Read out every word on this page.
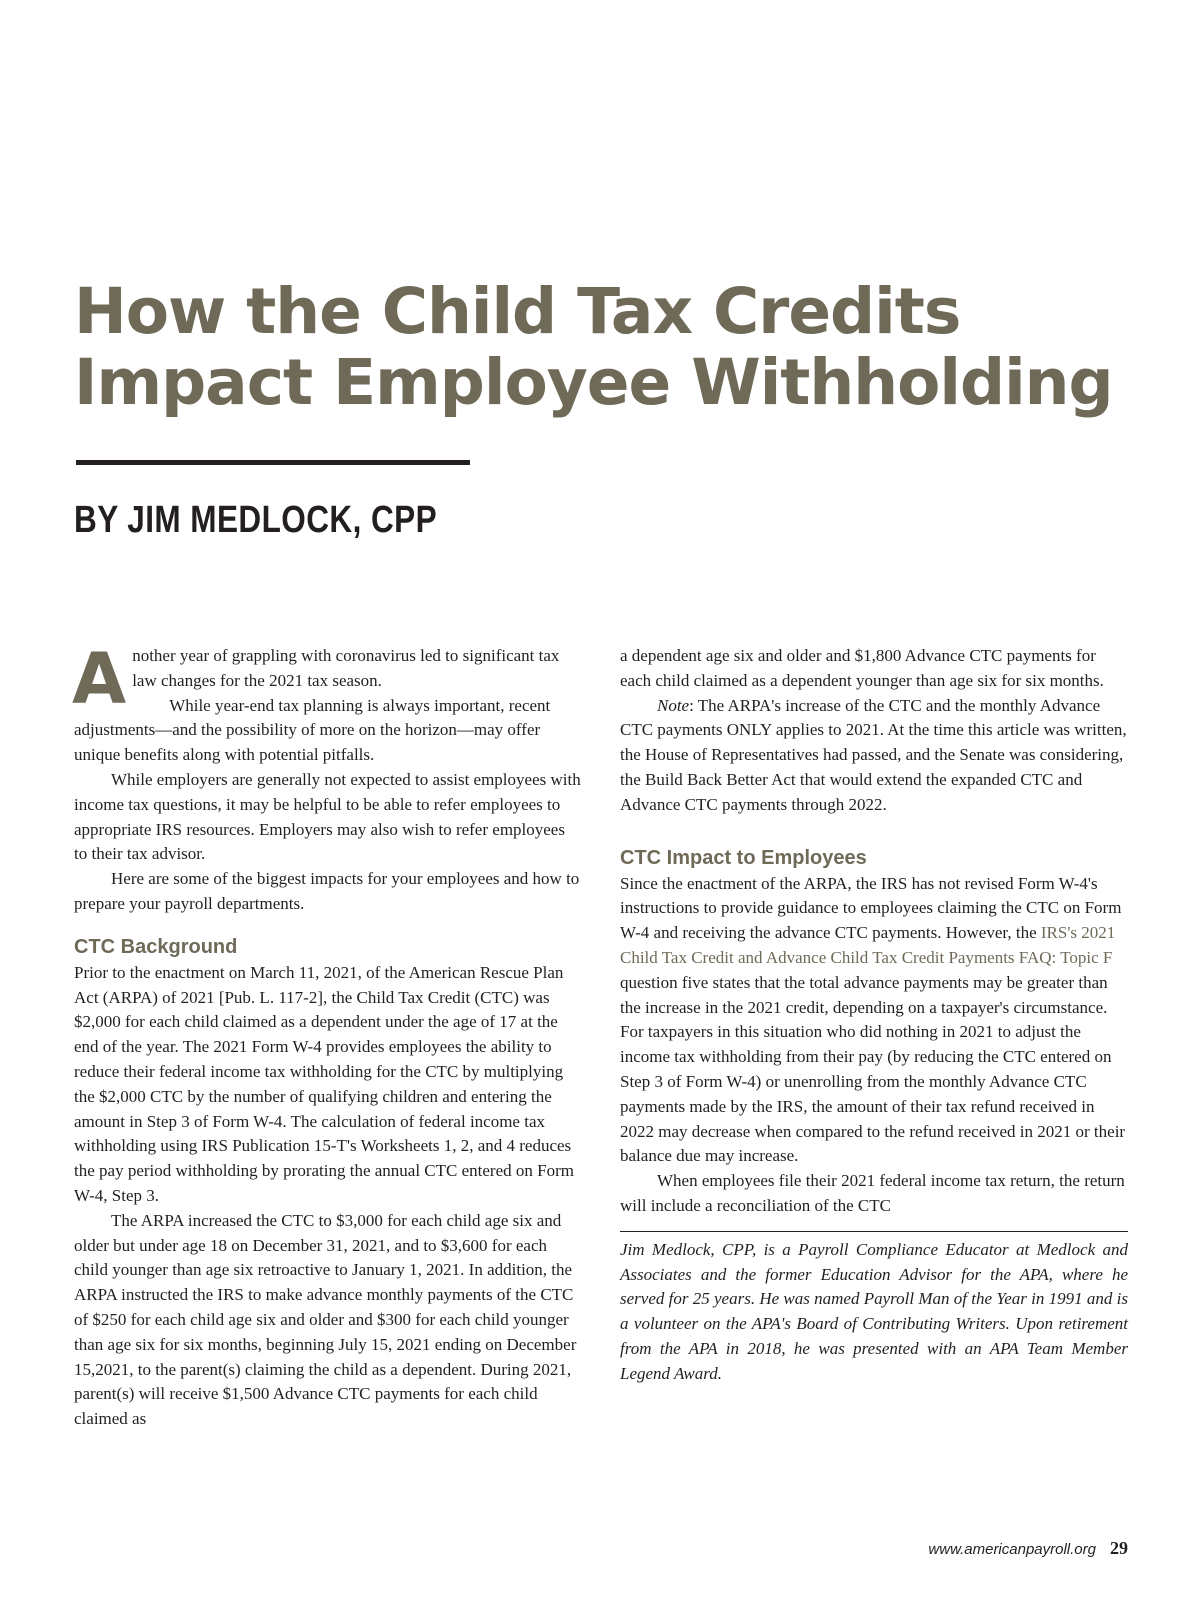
How the Child Tax Credits
Impact Employee Withholding
BY JIM MEDLOCK, CPP

Another year of grappling with coronavirus led to significant tax law changes for the 2021 tax season.

While year-end tax planning is always important, recent adjustments—and the possibility of more on the horizon—may offer unique benefits along with potential pitfalls.

While employers are generally not expected to assist employees with income tax questions, it may be helpful to be able to refer employees to appropriate IRS resources. Employers may also wish to refer employees to their tax advisor.

Here are some of the biggest impacts for your employees and how to prepare your payroll departments.

CTC Background

Prior to the enactment on March 11, 2021, of the American Rescue Plan Act (ARPA) of 2021 [Pub. L. 117-2], the Child Tax Credit (CTC) was $2,000 for each child claimed as a dependent under the age of 17 at the end of the year. The 2021 Form W-4 provides employees the ability to reduce their federal income tax withholding for the CTC by multiplying the $2,000 CTC by the number of qualifying children and entering the amount in Step 3 of Form W-4. The calculation of federal income tax withholding using IRS Publication 15-T's Worksheets 1, 2, and 4 reduces the pay period withholding by prorating the annual CTC entered on Form W-4, Step 3.

The ARPA increased the CTC to $3,000 for each child age six and older but under age 18 on December 31, 2021, and to $3,600 for each child younger than age six retroactive to January 1, 2021. In addition, the ARPA instructed the IRS to make advance monthly payments of the CTC of $250 for each child age six and older and $300 for each child younger than age six for six months, beginning July 15, 2021 ending on December 15,2021, to the parent(s) claiming the child as a dependent. During 2021, parent(s) will receive $1,500 Advance CTC payments for each child claimed as

a dependent age six and older and $1,800 Advance CTC payments for each child claimed as a dependent younger than age six for six months.

Note: The ARPA's increase of the CTC and the monthly Advance CTC payments ONLY applies to 2021. At the time this article was written, the House of Representatives had passed, and the Senate was considering, the Build Back Better Act that would extend the expanded CTC and Advance CTC payments through 2022.

CTC Impact to Employees

Since the enactment of the ARPA, the IRS has not revised Form W-4's instructions to provide guidance to employees claiming the CTC on Form W-4 and receiving the advance CTC payments. However, the IRS's 2021 Child Tax Credit and Advance Child Tax Credit Payments FAQ: Topic F question five states that the total advance payments may be greater than the increase in the 2021 credit, depending on a taxpayer's circumstance. For taxpayers in this situation who did nothing in 2021 to adjust the income tax withholding from their pay (by reducing the CTC entered on Step 3 of Form W-4) or unenrolling from the monthly Advance CTC payments made by the IRS, the amount of their tax refund received in 2022 may decrease when compared to the refund received in 2021 or their balance due may increase.

When employees file their 2021 federal income tax return, the return will include a reconciliation of the CTC

Jim Medlock, CPP, is a Payroll Compliance Educator at Medlock and Associates and the former Education Advisor for the APA, where he served for 25 years. He was named Payroll Man of the Year in 1991 and is a volunteer on the APA's Board of Contributing Writers. Upon retirement from the APA in 2018, he was presented with an APA Team Member Legend Award.

www.americanpayroll.org 29
